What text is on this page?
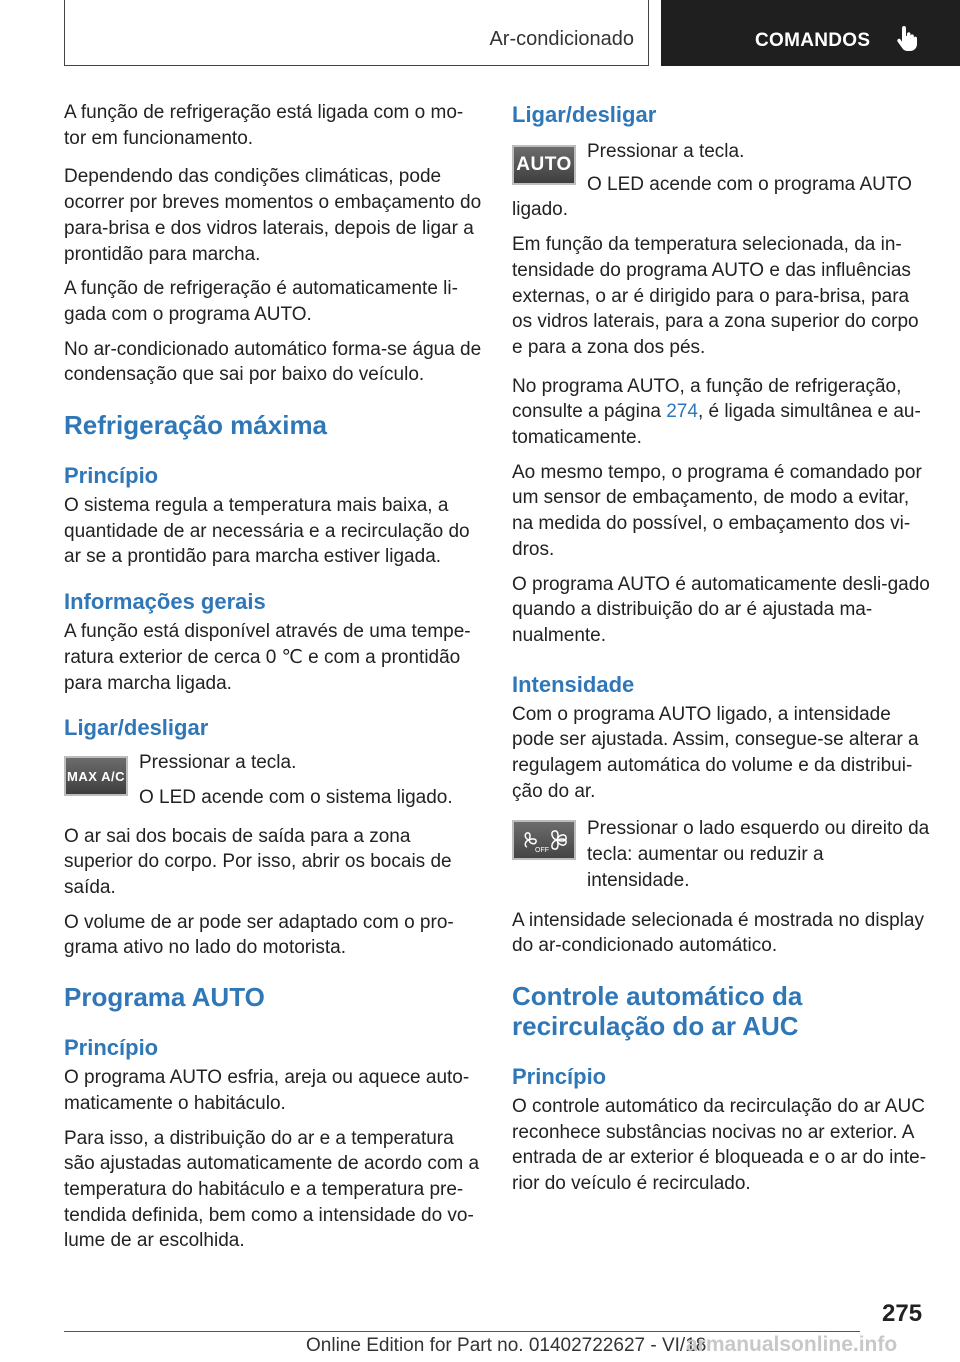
Ar-condicionado	COMANDOS

A função de refrigeração está ligada com o mo-tor em funcionamento.

Dependendo das condições climáticas, pode ocorrer por breves momentos o embaçamento do para-brisa e dos vidros laterais, depois de ligar a prontidão para marcha.

A função de refrigeração é automaticamente li-gada com o programa AUTO.

No ar-condicionado automático forma-se água de condensação que sai por baixo do veículo.

Refrigeração máxima
Princípio

O sistema regula a temperatura mais baixa, a quantidade de ar necessária e a recirculação do ar se a prontidão para marcha estiver ligada.

Informações gerais

A função está disponível através de uma tempe-ratura exterior de cerca 0 ℃ e com a prontidão para marcha ligada.

Ligar/desligar
MAX A/C

Pressionar a tecla.

O LED acende com o sistema ligado.

O ar sai dos bocais de saída para a zona superior do corpo. Por isso, abrir os bocais de saída.

O volume de ar pode ser adaptado com o pro-grama ativo no lado do motorista.

Programa AUTO
Princípio

O programa AUTO esfria, areja ou aquece auto-maticamente o habitáculo.

Para isso, a distribuição do ar e a temperatura são ajustadas automaticamente de acordo com a temperatura do habitáculo e a temperatura pre-tendida definida, bem como a intensidade do vo-lume de ar escolhida.

Ligar/desligar
AUTO

Pressionar a tecla.

O LED acende com o programa AUTO

ligado.

Em função da temperatura selecionada, da in-tensidade do programa AUTO e das influências externas, o ar é dirigido para o para-brisa, para os vidros laterais, para a zona superior do corpo e para a zona dos pés.

No programa AUTO, a função de refrigeração, consulte a página 274, é ligada simultânea e au-tomaticamente.

Ao mesmo tempo, o programa é comandado por um sensor de embaçamento, de modo a evitar, na medida do possível, o embaçamento dos vi-dros.

O programa AUTO é automaticamente desli-gado quando a distribuição do ar é ajustada ma-nualmente.

Intensidade

Com o programa AUTO ligado, a intensidade pode ser ajustada. Assim, consegue-se alterar a regulagem automática do volume e da distribui-ção do ar.

OFF

Pressionar o lado esquerdo ou direito da tecla: aumentar ou reduzir a intensidade.

A intensidade selecionada é mostrada no display do ar-condicionado automático.

Controle automático da recirculação do ar AUC
Princípio

O controle automático da recirculação do ar AUC reconhece substâncias nocivas no ar exterior. A entrada de ar exterior é bloqueada e o ar do inte-rior do veículo é recirculado.

275
Online Edition for Part no. 01402722627 - VI/18
armanualsonline.info
